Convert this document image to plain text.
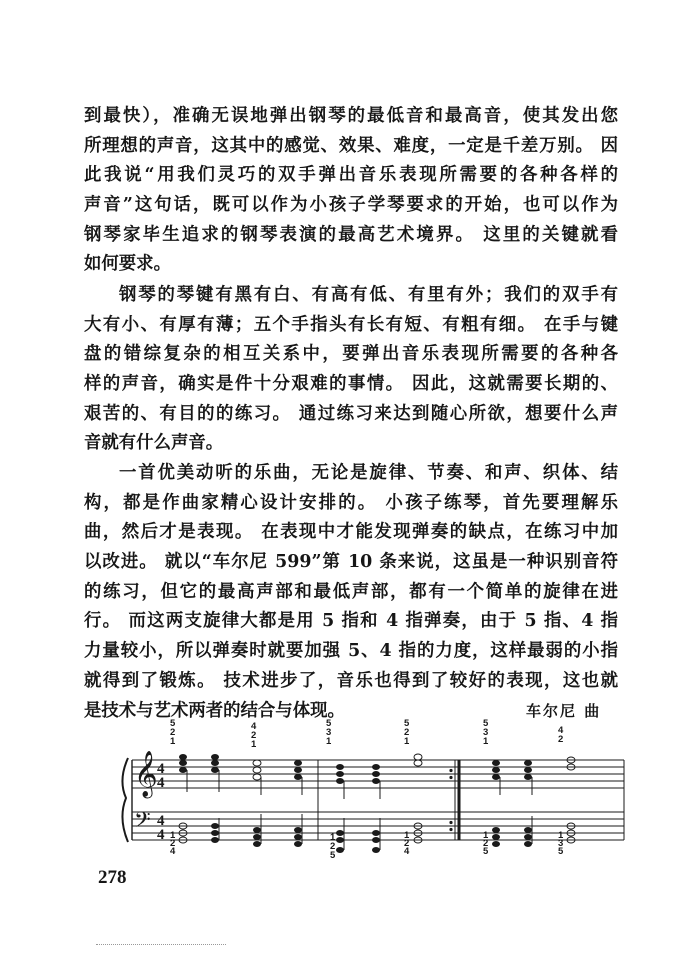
到最快），准确无误地弹出钢琴的最低音和最高音，使其发出您
所理想的声音，这其中的感觉、效果、难度，一定是千差万别。 因
此我说“用我们灵巧的双手弹出音乐表现所需要的各种各样的
声音”这句话，既可以作为小孩子学琴要求的开始，也可以作为
钢琴家毕生追求的钢琴表演的最高艺术境界。 这里的关键就看
如何要求。
钢琴的琴键有黑有白、有高有低、有里有外；我们的双手有
大有小、有厚有薄；五个手指头有长有短、有粗有细。 在手与键
盘的错综复杂的相互关系中，要弹出音乐表现所需要的各种各
样的声音，确实是件十分艰难的事情。 因此，这就需要长期的、
艰苦的、有目的的练习。 通过练习来达到随心所欲，想要什么声
音就有什么声音。
一首优美动听的乐曲，无论是旋律、节奏、和声、织体、结
构，都是作曲家精心设计安排的。 小孩子练琴，首先要理解乐
曲，然后才是表现。 在表现中才能发现弹奏的缺点，在练习中加
以改进。 就以“车尔尼 599”第 10 条来说，这虽是一种识别音符
的练习，但它的最高声部和最低声部，都有一个简单的旋律在进
行。 而这两支旋律大都是用 5 指和 4 指弹奏，由于 5 指、4 指
力量较小，所以弹奏时就要加强 5、4 指的力度，这样最弱的小指
就得到了锻炼。 技术进步了，音乐也得到了较好的表现，这也就
是技术与艺术两者的结合与体现。	车尔尼 曲
𝄞
𝄢
4
4
4
4
5
2
1
4
2
1
5
3
1
5
2
1
5
3
1
4
2
1
2
4
1
2
5
1
2
4
1
2
5
1
3
5
278
